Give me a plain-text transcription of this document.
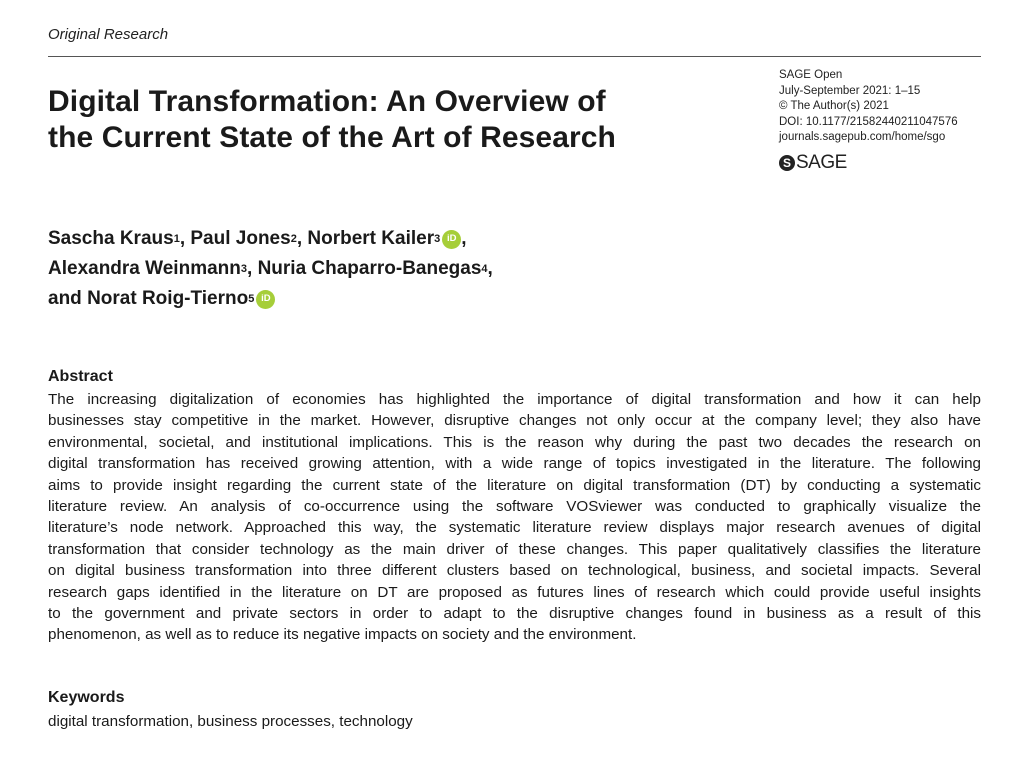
Original Research
Digital Transformation: An Overview of
the Current State of the Art of Research
SAGE Open
July-September 2021: 1–15
© The Author(s) 2021
DOI: 10.1177/21582440211047576
journals.sagepub.com/home/sgo
S SAGE
Sascha Kraus 1 , Paul Jones 2 , Norbert Kailer 3 iD ,
Alexandra Weinmann 3 , Nuria Chaparro-Banegas 4 ,
and Norat Roig-Tierno 5 iD
Abstract
The increasing digitalization of economies has highlighted the importance of digital transformation and how it can help
businesses stay competitive in the market. However, disruptive changes not only occur at the company level; they also have
environmental, societal, and institutional implications. This is the reason why during the past two decades the research on
digital transformation has received growing attention, with a wide range of topics investigated in the literature. The following
aims to provide insight regarding the current state of the literature on digital transformation (DT) by conducting a systematic
literature review. An analysis of co-occurrence using the software VOSviewer was conducted to graphically visualize the
literature’s node network. Approached this way, the systematic literature review displays major research avenues of digital
transformation that consider technology as the main driver of these changes. This paper qualitatively classifies the literature
on digital business transformation into three different clusters based on technological, business, and societal impacts. Several
research gaps identified in the literature on DT are proposed as futures lines of research which could provide useful insights
to the government and private sectors in order to adapt to the disruptive changes found in business as a result of this
phenomenon, as well as to reduce its negative impacts on society and the environment.
Keywords
digital transformation, business processes, technology
